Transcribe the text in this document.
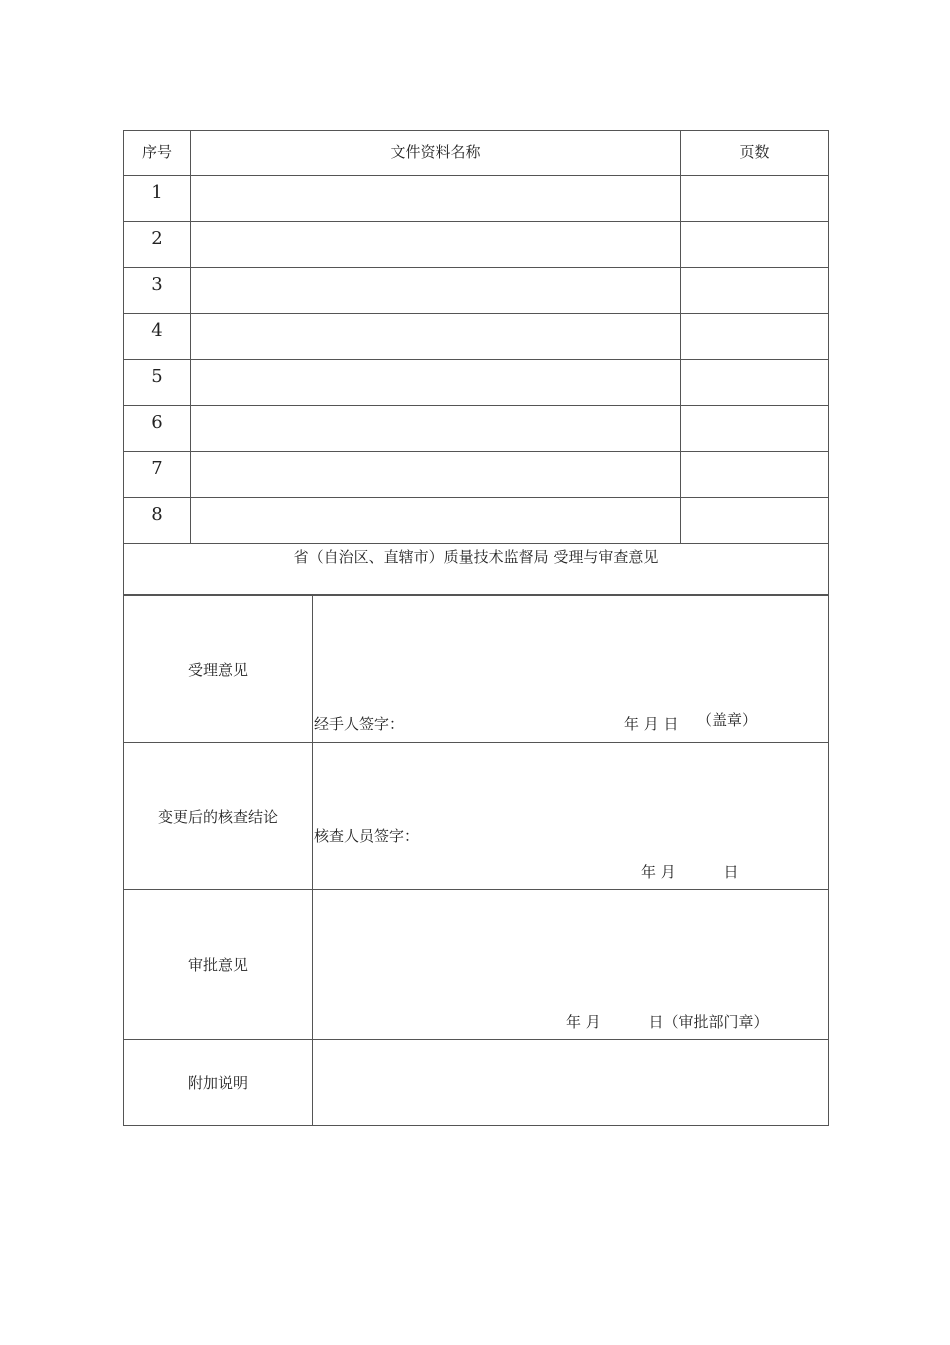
序号	文件资料名称	页数
1		
2		
3		
4		
5		
6		
7		
8		
省（自治区、直辖市）质量技术监督局 受理与审查意见		
受理意见	经手人签字： 年 月 日 （盖章）

变更后的核查结论	核查人员签字：
年 月          日

审批意见	年 月          日（审批部门章）

附加说明	
